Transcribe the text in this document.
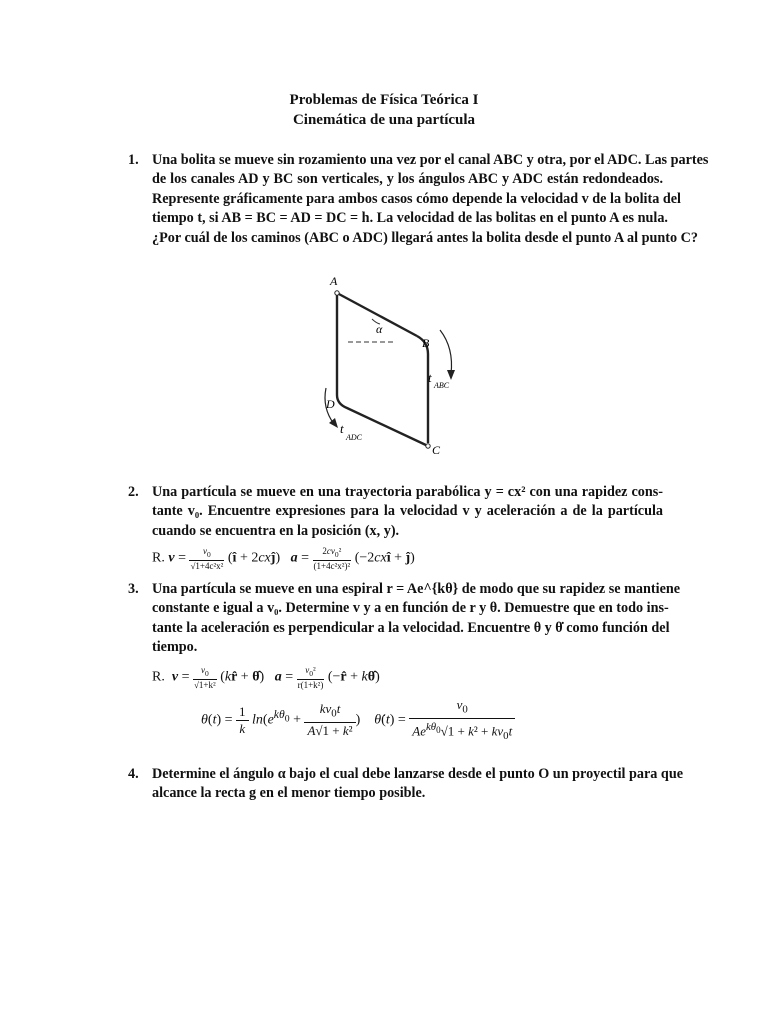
Problemas de Física Teórica I
Cinemática de una partícula
1. Una bolita se mueve sin rozamiento una vez por el canal ABC y otra, por el ADC. Las partes
de los canales AD y BC son verticales, y los ángulos ABC y ADC están redondeados.
Represente gráficamente para ambos casos cómo depende la velocidad v de la bolita del
tiempo t, si AB = BC = AD = DC = h. La velocidad de las bolitas en el punto A es nula.
¿Por cuál de los caminos (ABC o ADC) llegará antes la bolita desde el punto A al punto C?
A
B
C
D
α
t
ABC
t
ADC
2. Una partícula se mueve en una trayectoria parabólica y = cx² con una rapidez cons-
tante v₀. Encuentre expresiones para la velocidad v y aceleración a de la partícula
cuando se encuentra en la posición (x, y).
R. $v = \frac{v_0}{\text{√1+4c²x²}}$ (î + 2cxĵ)   $a = \frac{2cv_0^2}{\text{(1+4c²x²)²}}$ (−2cxî + ĵ)
3. Una partícula se mueve en una espiral r = Ae^{kθ} de modo que su rapidez se mantiene
constante e igual a v₀. Determine v y a en función de r y θ. Demuestre que en todo ins-
tante la aceleración es perpendicular a la velocidad. Encuentre θ y θ̇ como función del
tiempo.
R. $v = \frac{v_0}{\text{√1+k²}}$ (kr̂ + θ̂)   $a = \frac{v_0^2}{\text{r(1+k²)}}$ (−r̂ + kθ̂)
$\theta(t) = \frac{1}{k} \ln(e^{k\theta_0} + \frac{kv_0t}{\text{A√1 + k²}}$ )    θ̇(t) =
$v_0$
$Ae^{k\theta_0}√1 + k^2 + kv_0t$
4. Determine el ángulo α bajo el cual debe lanzarse desde el punto O un proyectil para que
alcance la recta g en el menor tiempo posible.
